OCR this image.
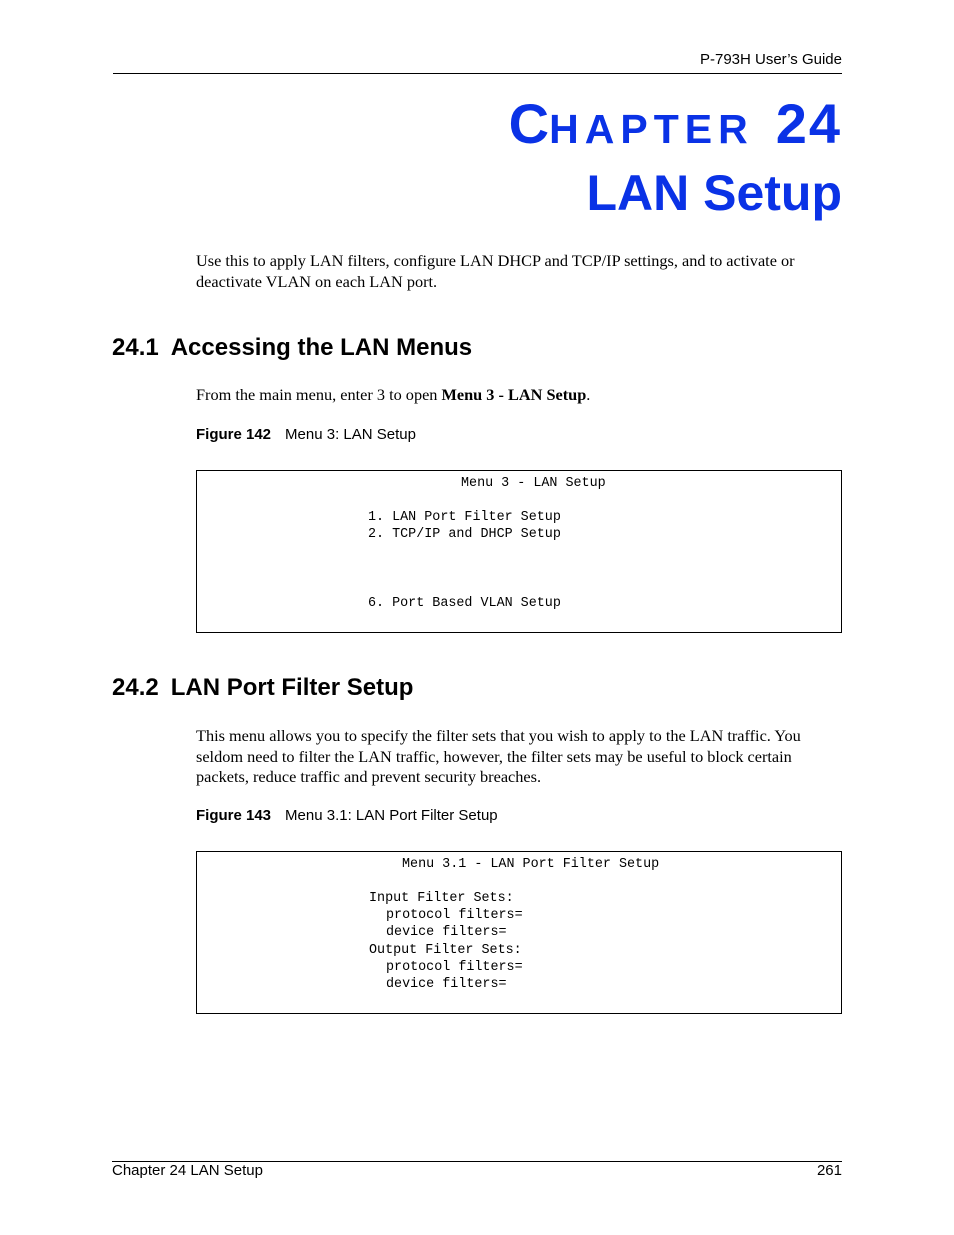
P-793H User’s Guide
CHAPTER 24
LAN Setup
Use this to apply LAN filters, configure LAN DHCP and TCP/IP settings, and to activate or deactivate VLAN on each LAN port.
24.1 Accessing the LAN Menus
From the main menu, enter 3 to open Menu 3 - LAN Setup.
Figure 142 Menu 3: LAN Setup
Menu 3 - LAN Setup
1. LAN Port Filter Setup
2. TCP/IP and DHCP Setup
6. Port Based VLAN Setup
24.2 LAN Port Filter Setup
This menu allows you to specify the filter sets that you wish to apply to the LAN traffic. You seldom need to filter the LAN traffic, however, the filter sets may be useful to block certain packets, reduce traffic and prevent security breaches.
Figure 143 Menu 3.1: LAN Port Filter Setup
Menu 3.1 - LAN Port Filter Setup
Input Filter Sets:
protocol filters=
device filters=
Output Filter Sets:
protocol filters=
device filters=
Chapter 24 LAN Setup	261
